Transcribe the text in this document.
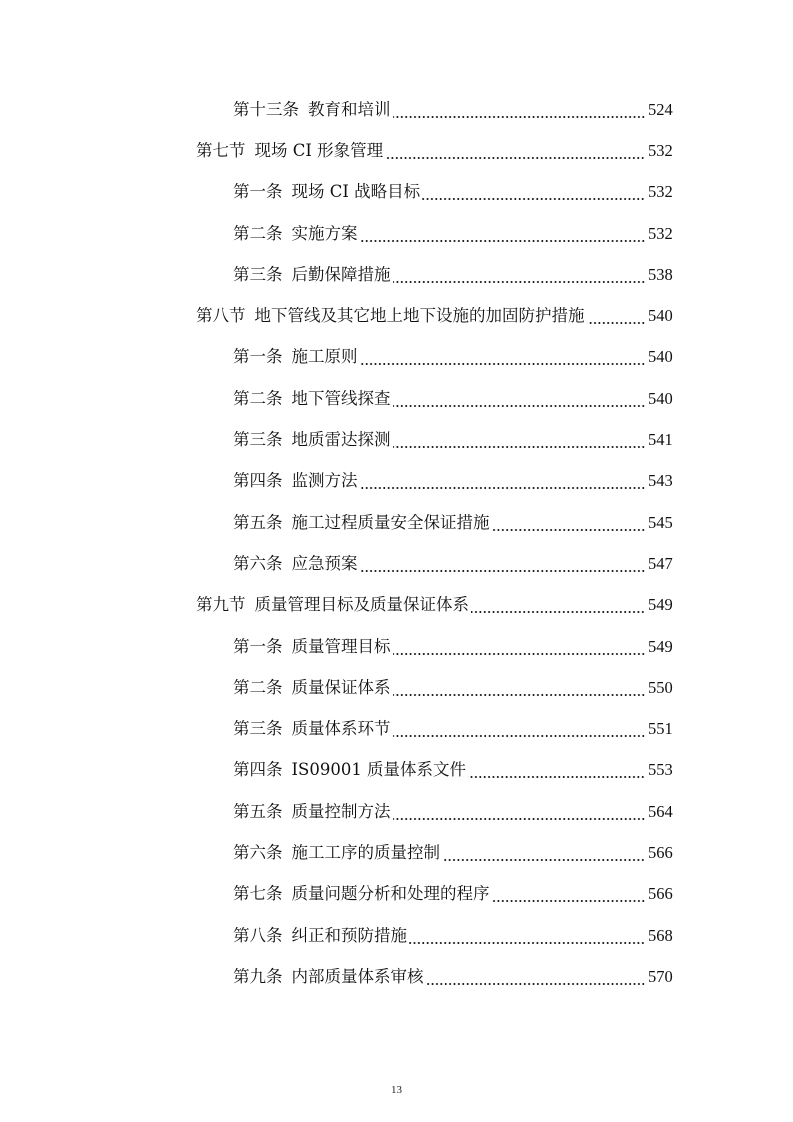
第十三条 教育和培训	524
第七节 现场 CI 形象管理	532
第一条 现场 CI 战略目标	532
第二条 实施方案	532
第三条 后勤保障措施	538
第八节 地下管线及其它地上地下设施的加固防护措施	540
第一条 施工原则	540
第二条 地下管线探查	540
第三条 地质雷达探测	541
第四条 监测方法	543
第五条 施工过程质量安全保证措施	545
第六条 应急预案	547
第九节 质量管理目标及质量保证体系	549
第一条 质量管理目标	549
第二条 质量保证体系	550
第三条 质量体系环节	551
第四条 IS09001 质量体系文件	553
第五条 质量控制方法	564
第六条 施工工序的质量控制	566
第七条 质量问题分析和处理的程序	566
第八条 纠正和预防措施	568
第九条 内部质量体系审核	570
13
